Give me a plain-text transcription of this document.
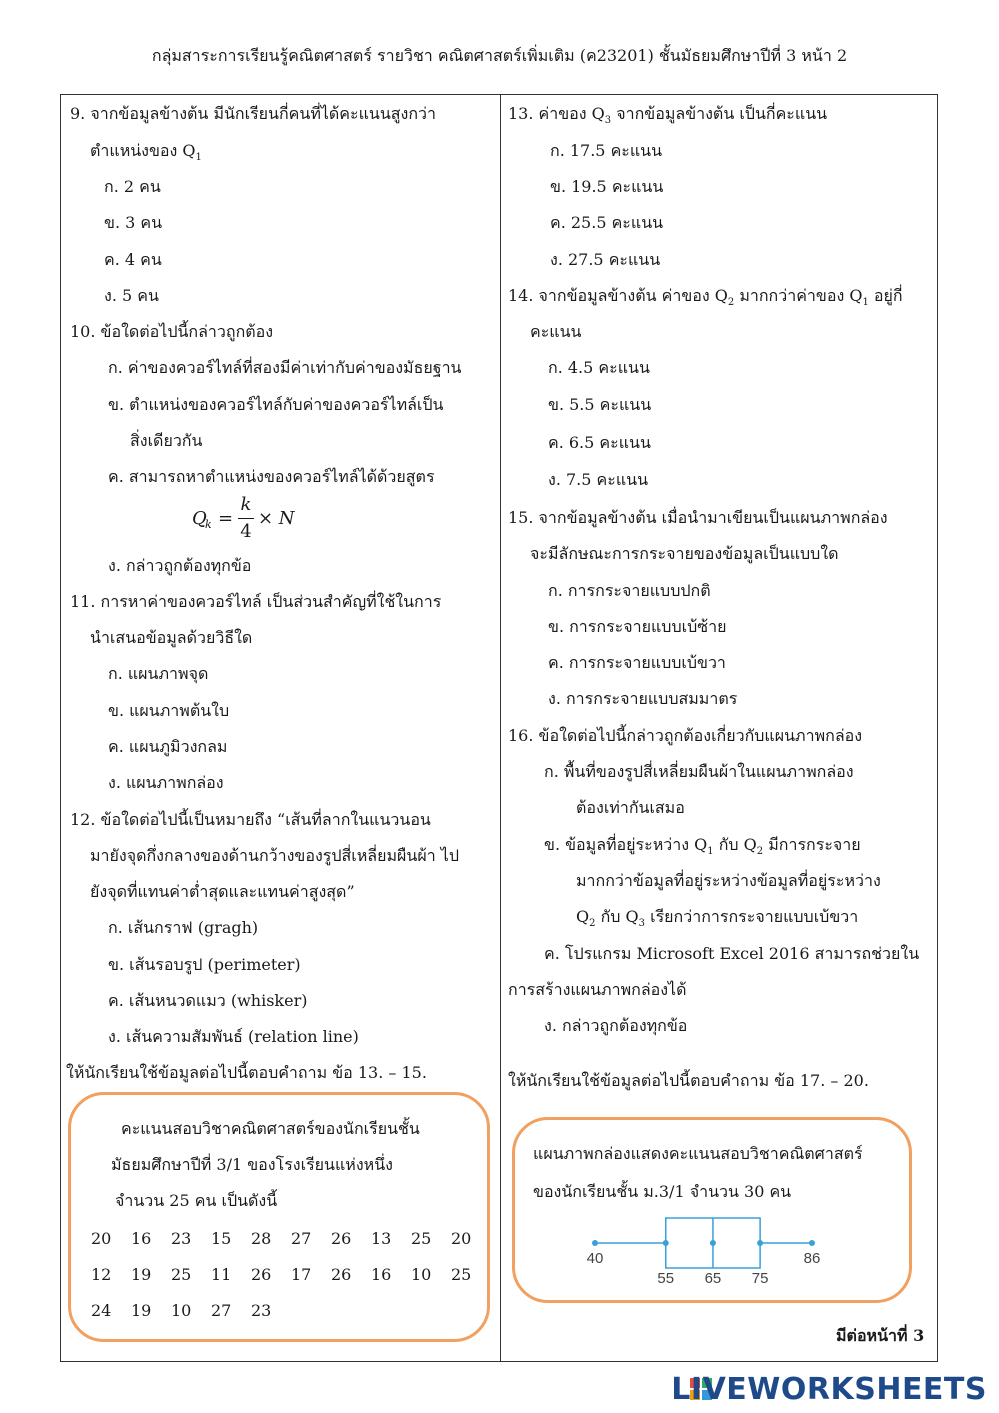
กลุ่มสาระการเรียนรู้คณิตศาสตร์ รายวิชา คณิตศาสตร์เพิ่มเติม (ค23201) ชั้นมัธยมศึกษาปีที่ 3 หน้า 2
9. จากข้อมูลข้างต้น มีนักเรียนกี่คนที่ได้คะแนนสูงกว่า
ตำแหน่งของ $Q_1$
ก. 2 คน
ข. 3 คน
ค. 4 คน
ง. 5 คน
10. ข้อใดต่อไปนี้กล่าวถูกต้อง
ก. ค่าของควอร์ไทล์ที่สองมีค่าเท่ากับค่าของมัธยฐาน
ข. ตำแหน่งของควอร์ไทล์กับค่าของควอร์ไทล์เป็น
สิ่งเดียวกัน
ค. สามารถหาตำแหน่งของควอร์ไทล์ได้ด้วยสูตร
Q
k =
k
4
× N
ง. กล่าวถูกต้องทุกข้อ
11. การหาค่าของควอร์ไทล์ เป็นส่วนสำคัญที่ใช้ในการ
นำเสนอข้อมูลด้วยวิธีใด
ก. แผนภาพจุด
ข. แผนภาพต้นใบ
ค. แผนภูมิวงกลม
ง. แผนภาพกล่อง
12. ข้อใดต่อไปนี้เป็นหมายถึง “เส้นที่ลากในแนวนอน
มายังจุดกึ่งกลางของด้านกว้างของรูปสี่เหลี่ยมผืนผ้า ไป
ยังจุดที่แทนค่าต่ำสุดและแทนค่าสูงสุด”
ก. เส้นกราฟ (gragh)
ข. เส้นรอบรูป (perimeter)
ค. เส้นหนวดแมว (whisker)
ง. เส้นความสัมพันธ์ (relation line)
ให้นักเรียนใช้ข้อมูลต่อไปนี้ตอบคำถาม ข้อ 13. – 15.
คะแนนสอบวิชาคณิตศาสตร์ของนักเรียนชั้น
มัธยมศึกษาปีที่ 3/1 ของโรงเรียนแห่งหนึ่ง
จำนวน 25 คน เป็นดังนี้
20 16 23 15 28 27 26 13 25 20
12 19 25 11 26 17 26 16 10 25
24 19 10 27 23
13. ค่าของ $Q_3$ จากข้อมูลข้างต้น เป็นกี่คะแนน
ก. 17.5 คะแนน
ข. 19.5 คะแนน
ค. 25.5 คะแนน
ง. 27.5 คะแนน
14. จากข้อมูลข้างต้น ค่าของ $Q_2$ มากกว่าค่าของ $Q_1$ อยู่กี่
คะแนน
ก. 4.5 คะแนน
ข. 5.5 คะแนน
ค. 6.5 คะแนน
ง. 7.5 คะแนน
15. จากข้อมูลข้างต้น เมื่อนำมาเขียนเป็นแผนภาพกล่อง
จะมีลักษณะการกระจายของข้อมูลเป็นแบบใด
ก. การกระจายแบบปกติ
ข. การกระจายแบบเบ้ซ้าย
ค. การกระจายแบบเบ้ขวา
ง. การกระจายแบบสมมาตร
16. ข้อใดต่อไปนี้กล่าวถูกต้องเกี่ยวกับแผนภาพกล่อง
ก. พื้นที่ของรูปสี่เหลี่ยมผืนผ้าในแผนภาพกล่อง
ต้องเท่ากันเสมอ
ข. ข้อมูลที่อยู่ระหว่าง $Q_1$ กับ $Q_2$ มีการกระจาย
มากกว่าข้อมูลที่อยู่ระหว่างข้อมูลที่อยู่ระหว่าง
$Q_2$ กับ $Q_3$ เรียกว่าการกระจายแบบเบ้ขวา
ค. โปรแกรม Microsoft Excel 2016 สามารถช่วยใน
การสร้างแผนภาพกล่องได้
ง. กล่าวถูกต้องทุกข้อ
ให้นักเรียนใช้ข้อมูลต่อไปนี้ตอบคำถาม ข้อ 17. – 20.
แผนภาพกล่องแสดงคะแนนสอบวิชาคณิตศาสตร์
ของนักเรียนชั้น ม.3/1 จำนวน 30 คน
40
55 65 75
86
มีต่อหน้าที่ 3
LIVEWORKSHEETS
